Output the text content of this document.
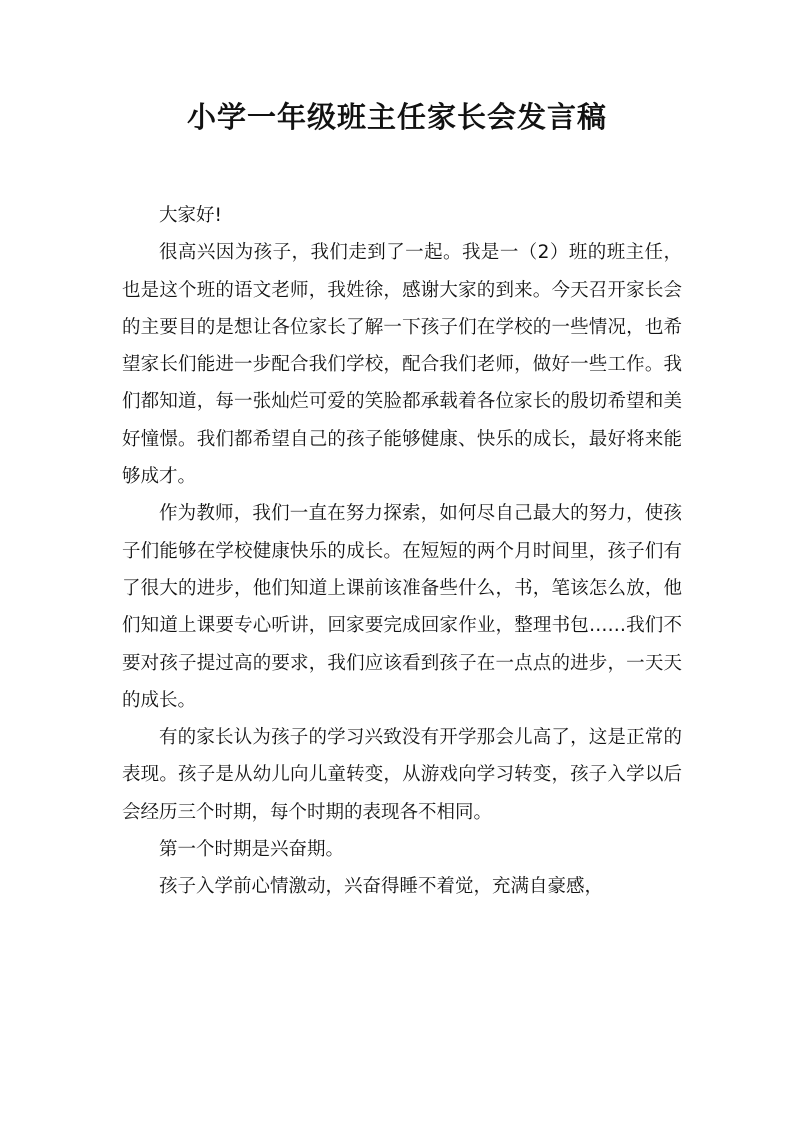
小学一年级班主任家长会发言稿

大家好!

很高兴因为孩子，我们走到了一起。我是一（2）班的班主任，也是这个班的语文老师，我姓徐，感谢大家的到来。今天召开家长会的主要目的是想让各位家长了解一下孩子们在学校的一些情况，也希望家长们能进一步配合我们学校，配合我们老师，做好一些工作。我们都知道，每一张灿烂可爱的笑脸都承载着各位家长的殷切希望和美好憧憬。我们都希望自己的孩子能够健康、快乐的成长，最好将来能够成才。

作为教师，我们一直在努力探索，如何尽自己最大的努力，使孩子们能够在学校健康快乐的成长。在短短的两个月时间里，孩子们有了很大的进步，他们知道上课前该准备些什么，书，笔该怎么放，他们知道上课要专心听讲，回家要完成回家作业，整理书包……我们不要对孩子提过高的要求，我们应该看到孩子在一点点的进步，一天天的成长。

有的家长认为孩子的学习兴致没有开学那会儿高了，这是正常的表现。孩子是从幼儿向儿童转变，从游戏向学习转变，孩子入学以后会经历三个时期，每个时期的表现各不相同。

第一个时期是兴奋期。

孩子入学前心情激动，兴奋得睡不着觉，充满自豪感，
